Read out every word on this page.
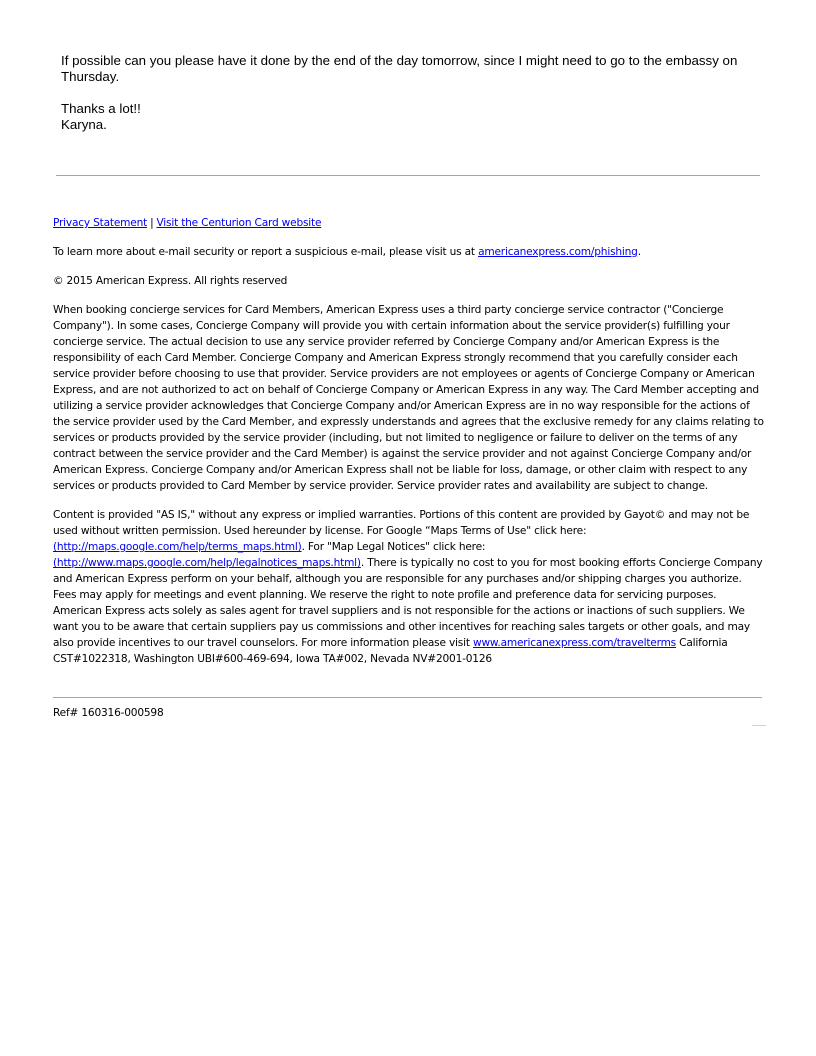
If possible can you please have it done by the end of the day tomorrow, since I might need to go to the embassy on Thursday.

Thanks a lot!!

Karyna.

Privacy Statement | Visit the Centurion Card website

To learn more about e-mail security or report a suspicious e-mail, please visit us at americanexpress.com/phishing.

© 2015 American Express. All rights reserved

When booking concierge services for Card Members, American Express uses a third party concierge service contractor ("Concierge Company"). In some cases, Concierge Company will provide you with certain information about the service provider(s) fulfilling your concierge service. The actual decision to use any service provider referred by Concierge Company and/or American Express is the responsibility of each Card Member. Concierge Company and American Express strongly recommend that you carefully consider each service provider before choosing to use that provider. Service providers are not employees or agents of Concierge Company or American Express, and are not authorized to act on behalf of Concierge Company or American Express in any way. The Card Member accepting and utilizing a service provider acknowledges that Concierge Company and/or American Express are in no way responsible for the actions of the service provider used by the Card Member, and expressly understands and agrees that the exclusive remedy for any claims relating to services or products provided by the service provider (including, but not limited to negligence or failure to deliver on the terms of any contract between the service provider and the Card Member) is against the service provider and not against Concierge Company and/or American Express. Concierge Company and/or American Express shall not be liable for loss, damage, or other claim with respect to any services or products provided to Card Member by service provider. Service provider rates and availability are subject to change.

Content is provided "AS IS," without any express or implied warranties. Portions of this content are provided by Gayot© and may not be used without written permission. Used hereunder by license. For Google “Maps Terms of Use" click here: (http://maps.google.com/help/terms_maps.html). For "Map Legal Notices" click here: (http://www.maps.google.com/help/legalnotices_maps.html). There is typically no cost to you for most booking efforts Concierge Company and American Express perform on your behalf, although you are responsible for any purchases and/or shipping charges you authorize. Fees may apply for meetings and event planning. We reserve the right to note profile and preference data for servicing purposes. American Express acts solely as sales agent for travel suppliers and is not responsible for the actions or inactions of such suppliers. We want you to be aware that certain suppliers pay us commissions and other incentives for reaching sales targets or other goals, and may also provide incentives to our travel counselors. For more information please visit www.americanexpress.com/travelterms California CST#1022318, Washington UBI#600-469-694, Iowa TA#002, Nevada NV#2001-0126

Ref# 160316-000598
